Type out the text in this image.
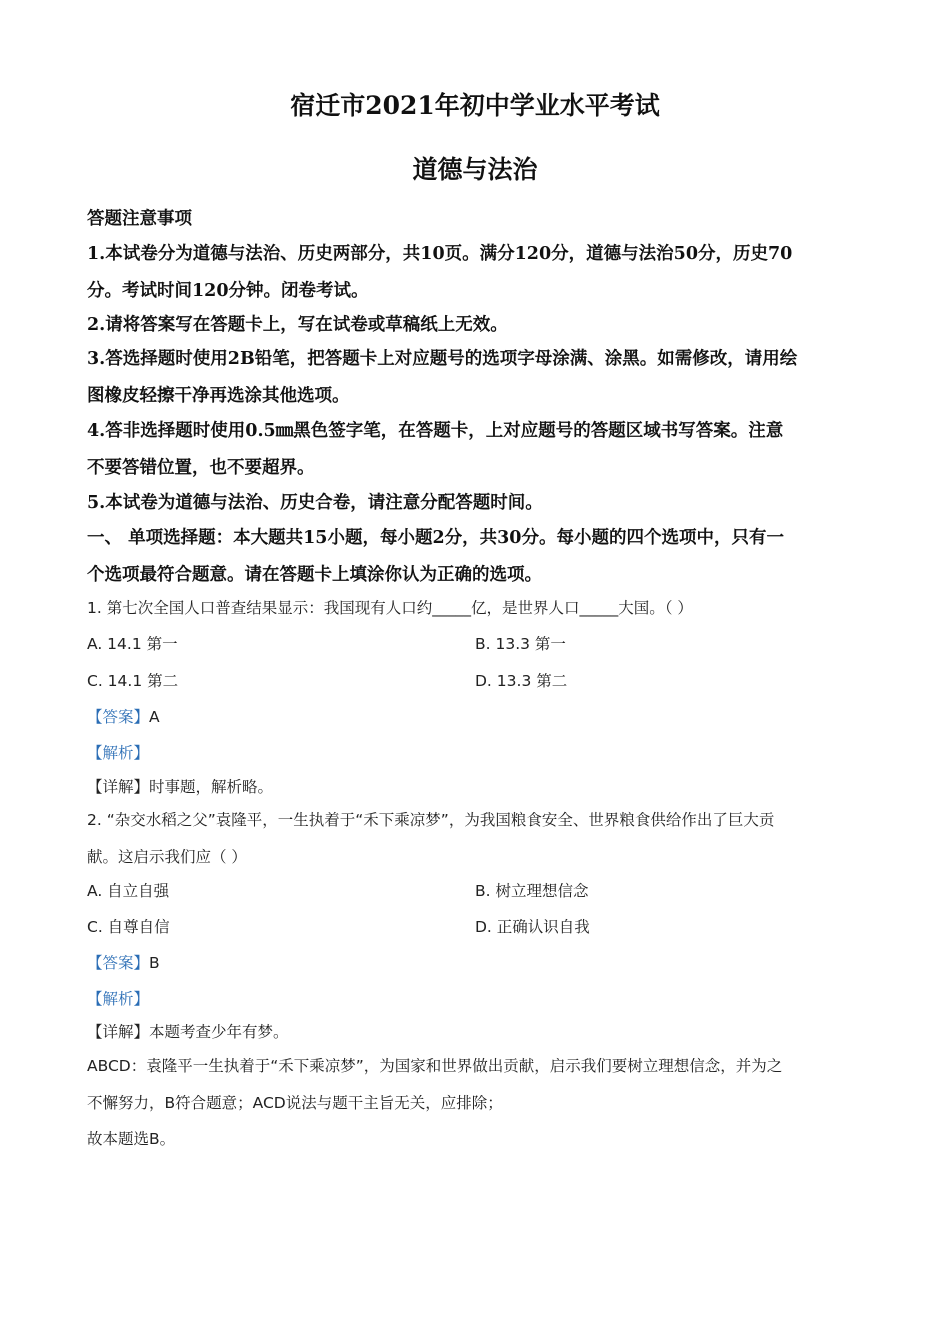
宿迁市2021年初中学业水平考试
道德与法治
答题注意事项
1.本试卷分为道德与法治、历史两部分，共10页。满分120分，道德与法治50分，历史70
分。考试时间120分钟。闭卷考试。
2.请将答案写在答题卡上，写在试卷或草稿纸上无效。
3.答选择题时使用2B铅笔，把答题卡上对应题号的选项字母涂满、涂黑。如需修改，请用绘
图橡皮轻擦干净再选涂其他选项。
4.答非选择题时使用0.5㎜黑色签字笔，在答题卡，上对应题号的答题区域书写答案。注意
不要答错位置，也不要超界。
5.本试卷为道德与法治、历史合卷，请注意分配答题时间。
一、 单项选择题：本大题共15小题，每小题2分，共30分。每小题的四个选项中，只有一
个选项最符合题意。请在答题卡上填涂你认为正确的选项。
1. 第七次全国人口普查结果显示：我国现有人口约_____亿，是世界人口_____大国。（ ）
A. 14.1 第一	B. 13.3 第一
C. 14.1 第二	D. 13.3 第二
【答案】A
【解析】
【详解】时事题，解析略。
2. “杂交水稻之父”袁隆平，一生执着于“禾下乘凉梦”，为我国粮食安全、世界粮食供给作出了巨大贡
献。这启示我们应（ ）
A. 自立自强	B. 树立理想信念
C. 自尊自信	D. 正确认识自我
【答案】B
【解析】
【详解】本题考查少年有梦。
ABCD：袁隆平一生执着于“禾下乘凉梦”，为国家和世界做出贡献，启示我们要树立理想信念，并为之
不懈努力，B符合题意；ACD说法与题干主旨无关，应排除；
故本题选B。
